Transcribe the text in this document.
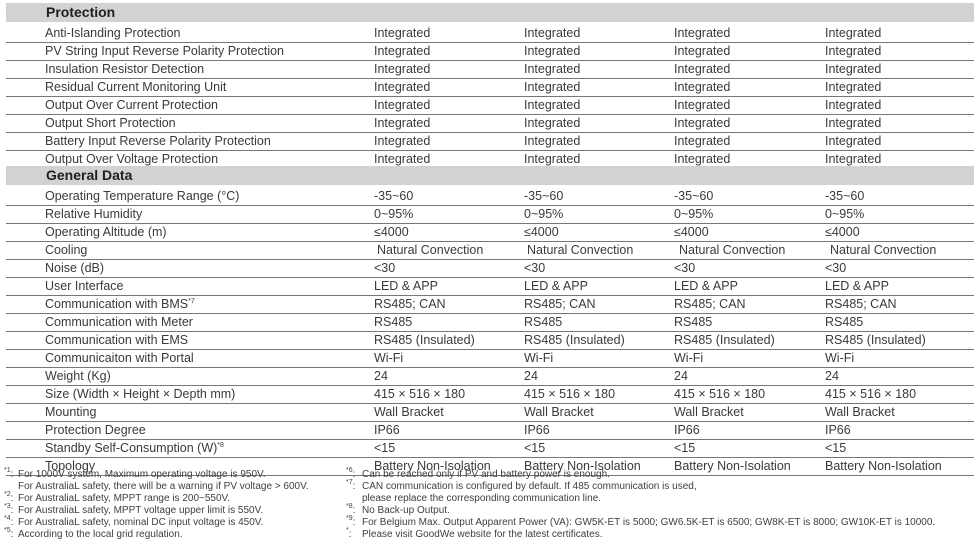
Protection
Anti-Islanding Protection	Integrated	Integrated	Integrated	Integrated
PV String Input Reverse Polarity Protection	Integrated	Integrated	Integrated	Integrated
Insulation Resistor Detection	Integrated	Integrated	Integrated	Integrated
Residual Current Monitoring Unit	Integrated	Integrated	Integrated	Integrated
Output Over Current Protection	Integrated	Integrated	Integrated	Integrated
Output Short Protection	Integrated	Integrated	Integrated	Integrated
Battery Input Reverse Polarity Protection	Integrated	Integrated	Integrated	Integrated
Output Over Voltage Protection	Integrated	Integrated	Integrated	Integrated
General Data
Operating Temperature Range (°C)	-35~60	-35~60	-35~60	-35~60
Relative Humidity	0~95%	0~95%	0~95%	0~95%
Operating Altitude (m)	≤4000	≤4000	≤4000	≤4000
Cooling	Natural Convection	Natural Convection	Natural Convection	Natural Convection
Noise (dB)	<30	<30	<30	<30
User Interface	LED & APP	LED & APP	LED & APP	LED & APP
Communication with BMS$^{*7}$	RS485; CAN	RS485; CAN	RS485; CAN	RS485; CAN
Communication with Meter	RS485	RS485	RS485	RS485
Communication with EMS	RS485 (Insulated)	RS485 (Insulated)	RS485 (Insulated)	RS485 (Insulated)
Communicaiton with Portal	Wi-Fi	Wi-Fi	Wi-Fi	Wi-Fi
Weight (Kg)	24	24	24	24
Size (Width × Height × Depth mm)	415 × 516 × 180	415 × 516 × 180	415 × 516 × 180	415 × 516 × 180
Mounting	Wall Bracket	Wall Bracket	Wall Bracket	Wall Bracket
Protection Degree	IP66	IP66	IP66	IP66
Standby Self-Consumption $(W)^{*8}$	<15	<15	<15	<15
Topology	Battery Non-Isolation	Battery Non-Isolation	Battery Non-Isolation	Battery Non-Isolation
$^{*1}$: For 1000V system, Maximum operating voltage is 950V.
For AustraliaL safety, there will be a warning if PV voltage > 600V.
$^{*2}$: For AustraliaL safety, MPPT range is 200~550V.
$^{*3}$: For AustraliaL safety, MPPT voltage upper limit is 550V.
$^{*4}$: For AustraliaL safety, nominal DC input voltage is 450V.
$^{*5}$: According to the local grid regulation.
$^{*6}$: Can be reached only if PV and battery power is enough.
$^{*7}$: CAN communication is configured by default. If 485 communication is used,
please replace the corresponding communication line.
$^{*8}$: No Back-up Output.
$^{*9}$: For Belgium Max. Output Apparent Power (VA): GW5K-ET is 5000; GW6.5K-ET is 6500; GW8K-ET is 8000; GW10K-ET is 10000.
*: Please visit GoodWe website for the latest certificates.
